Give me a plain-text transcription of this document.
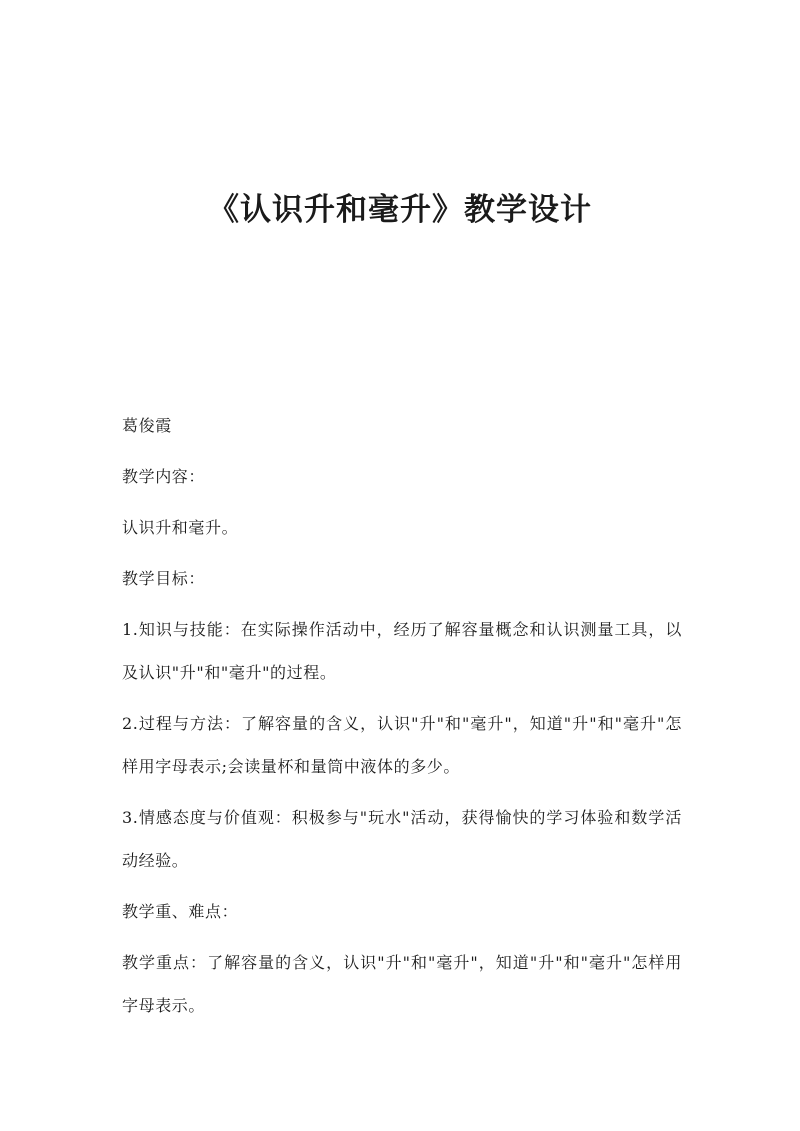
《认识升和毫升》教学设计

葛俊霞

教学内容：

认识升和毫升。

教学目标：

1.知识与技能：在实际操作活动中，经历了解容量概念和认识测量工具，以及认识"升"和"毫升"的过程。

2.过程与方法：了解容量的含义，认识"升"和"毫升"，知道"升"和"毫升"怎样用字母表示;会读量杯和量筒中液体的多少。

3.情感态度与价值观：积极参与"玩水"活动，获得愉快的学习体验和数学活动经验。

教学重、难点：

教学重点：了解容量的含义，认识"升"和"毫升"，知道"升"和"毫升"怎样用字母表示。
